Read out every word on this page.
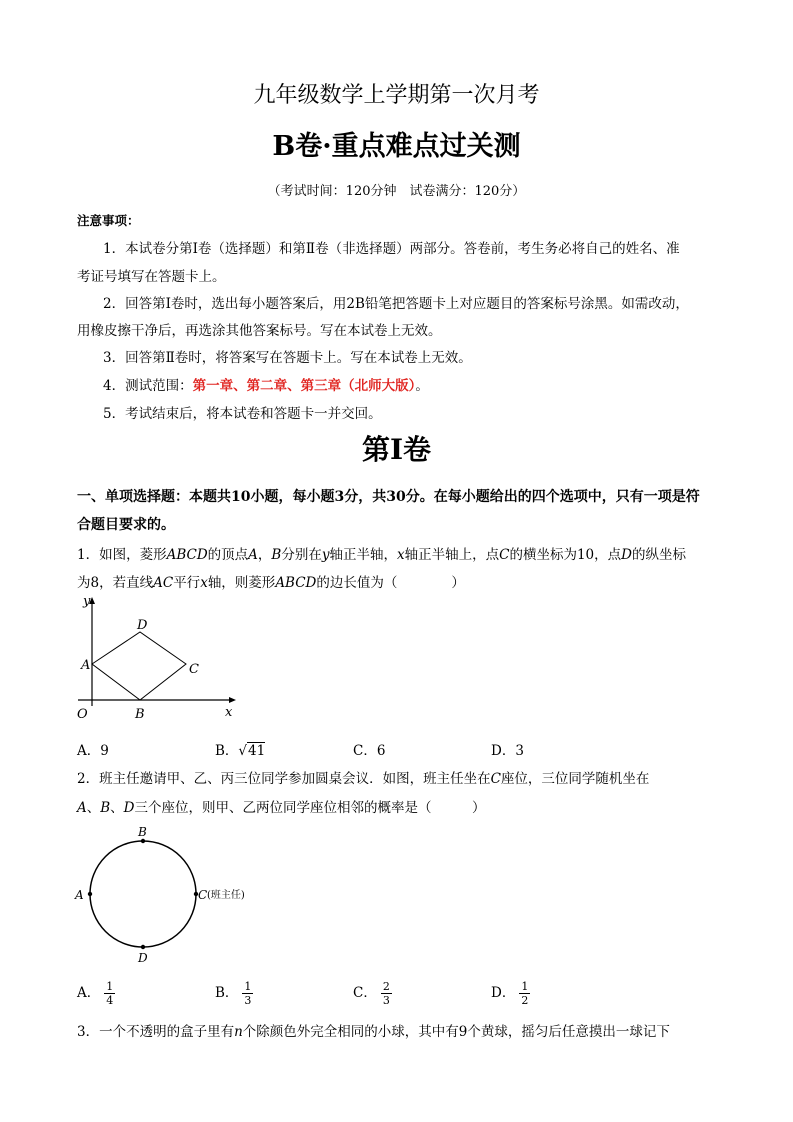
九年级数学上学期第一次月考
B卷·重点难点过关测
（考试时间：120分钟　试卷满分：120分）
注意事项：
1．本试卷分第Ⅰ卷（选择题）和第Ⅱ卷（非选择题）两部分。答卷前，考生务必将自己的姓名、准
考证号填写在答题卡上。
2．回答第Ⅰ卷时，选出每小题答案后，用2B铅笔把答题卡上对应题目的答案标号涂黑。如需改动，
用橡皮擦干净后，再选涂其他答案标号。写在本试卷上无效。
3．回答第Ⅱ卷时，将答案写在答题卡上。写在本试卷上无效。
4．测试范围：第一章、第二章、第三章（北师大版）。
5．考试结束后，将本试卷和答题卡一并交回。
第Ⅰ卷
一、单项选择题：本题共10小题，每小题3分，共30分。在每小题给出的四个选项中，只有一项是符
合题目要求的。
1．如图，菱形ABCD的顶点A，B分别在y轴正半轴，x轴正半轴上，点C的横坐标为10，点D的纵坐标
为8，若直线AC平行x轴，则菱形ABCD的边长值为（　　　　）
y
x
O
A
B
C
D
A．9	B．√41	C．6	D．3
2．班主任邀请甲、乙、丙三位同学参加圆桌会议．如图，班主任坐在C座位，三位同学随机坐在
A、B、D三个座位，则甲、乙两位同学座位相邻的概率是（　　　）
B
A	C (班主任)
D
A． $\frac{1}{4}$	B． $\frac{1}{3}$	C． $\frac{2}{3}$	D． $\frac{1}{2}$
3．一个不透明的盒子里有n个除颜色外完全相同的小球，其中有9个黄球，摇匀后任意摸出一球记下
